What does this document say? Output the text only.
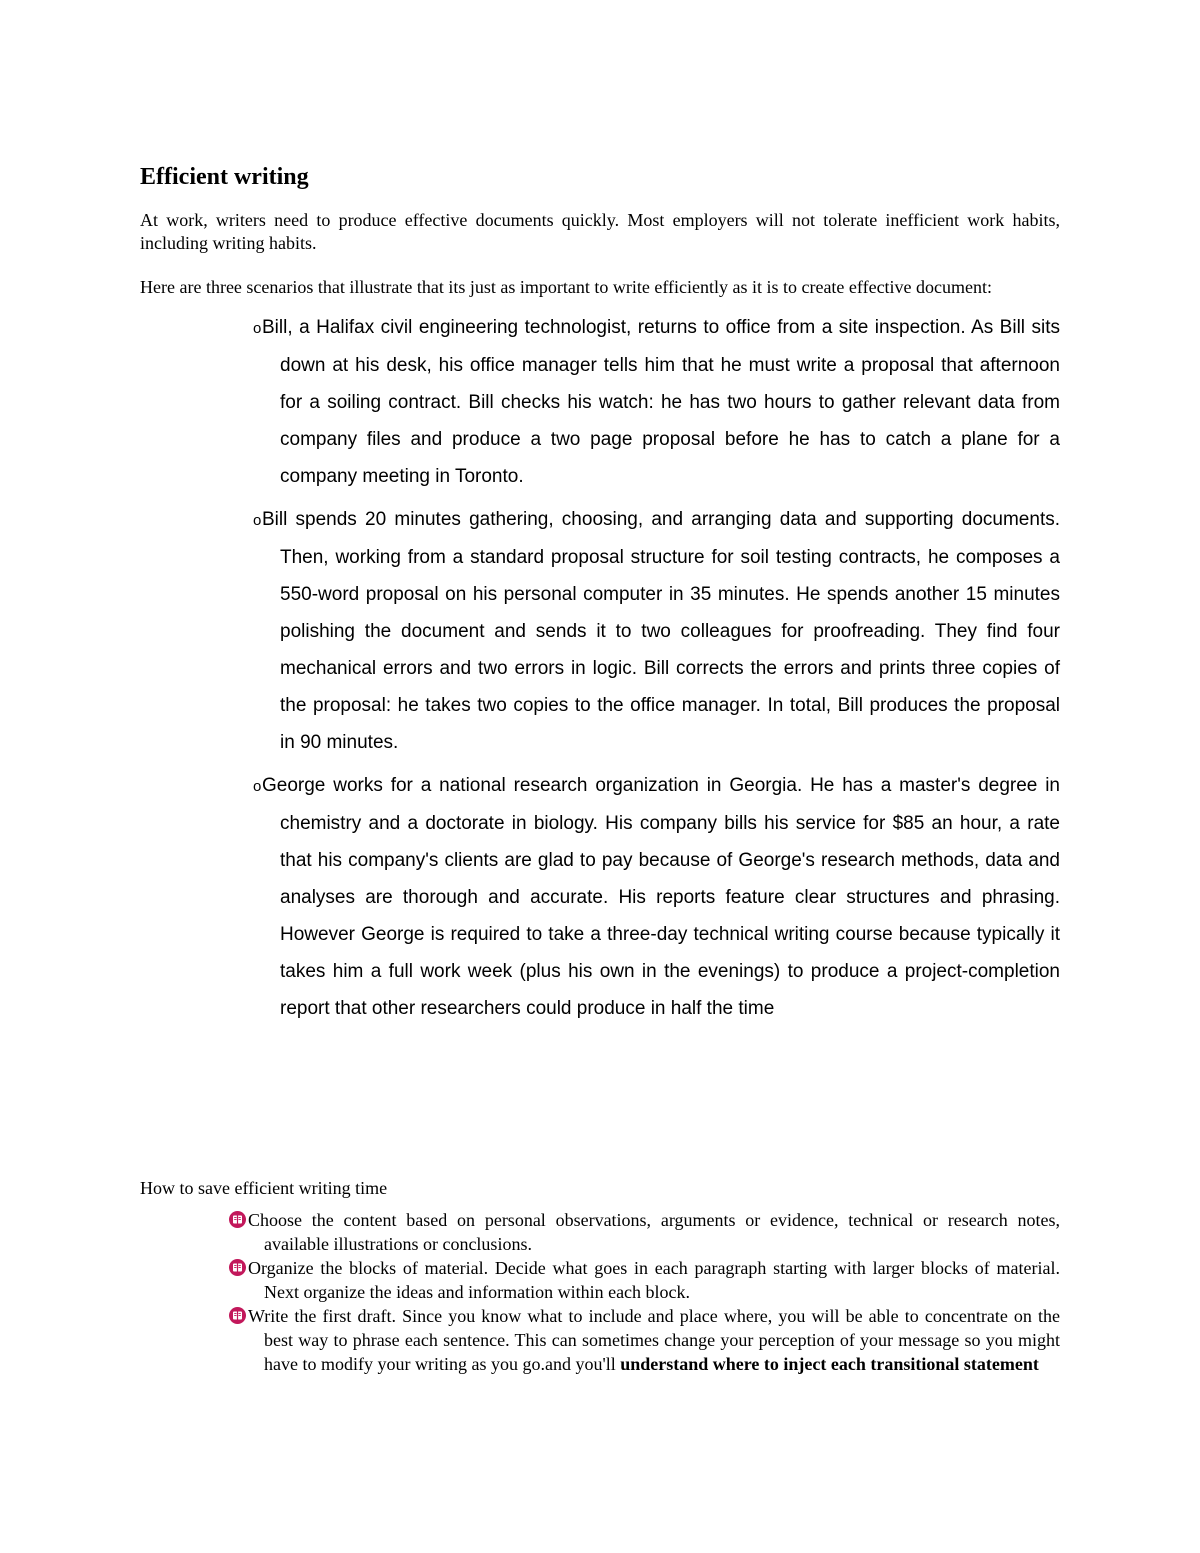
Efficient writing

At work, writers need to produce effective documents quickly. Most employers will not tolerate inefficient work habits, including writing habits.

Here are three scenarios that illustrate that its just as important to write efficiently as it is to create effective document:

oBill, a Halifax civil engineering technologist, returns to office from a site inspection. As Bill sits down at his desk, his office manager tells him that he must write a proposal that afternoon for a soiling contract. Bill checks his watch: he has two hours to gather relevant data from company files and produce a two page proposal before he has to catch a plane for a company meeting in Toronto.
oBill spends 20 minutes gathering, choosing, and arranging data and supporting documents. Then, working from a standard proposal structure for soil testing contracts, he composes a 550-word proposal on his personal computer in 35 minutes. He spends another 15 minutes polishing the document and sends it to two colleagues for proofreading. They find four mechanical errors and two errors in logic. Bill corrects the errors and prints three copies of the proposal: he takes two copies to the office manager. In total, Bill produces the proposal in 90 minutes.
oGeorge works for a national research organization in Georgia. He has a master's degree in chemistry and a doctorate in biology. His company bills his service for $85 an hour, a rate that his company's clients are glad to pay because of George's research methods, data and analyses are thorough and accurate. His reports feature clear structures and phrasing. However George is required to take a three-day technical writing course because typically it takes him a full work week (plus his own in the evenings) to produce a project-completion report that other researchers could produce in half the time

How to save efficient writing time

Choose the content based on personal observations, arguments or evidence, technical or research notes, available illustrations or conclusions.
Organize the blocks of material. Decide what goes in each paragraph starting with larger blocks of material. Next organize the ideas and information within each block.
Write the first draft. Since you know what to include and place where, you will be able to concentrate on the best way to phrase each sentence. This can sometimes change your perception of your message so you might have to modify your writing as you go.and you'll understand where to inject each transitional statement
